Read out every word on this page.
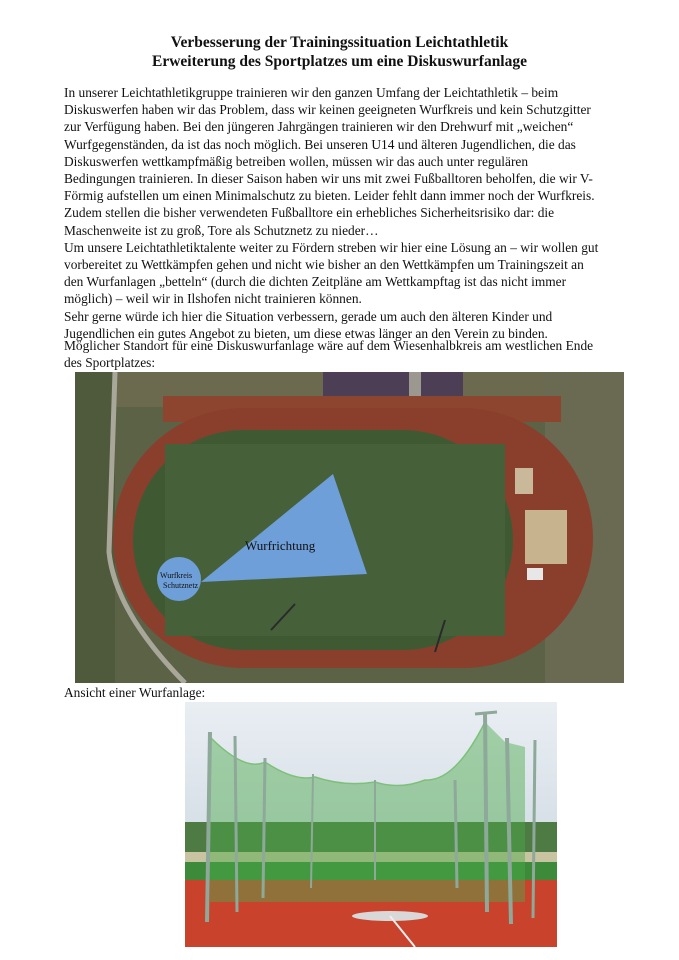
Verbesserung der Trainingssituation Leichtathletik
Erweiterung des Sportplatzes um eine Diskuswurfanlage
In unserer Leichtathletikgruppe trainieren wir den ganzen Umfang der Leichtathletik – beim
Diskuswerfen haben wir das Problem, dass wir keinen geeigneten Wurfkreis und kein Schutzgitter
zur Verfügung haben. Bei den jüngeren Jahrgängen trainieren wir den Drehwurf mit „weichen“
Wurfgegenständen, da ist das noch möglich. Bei unseren U14 und älteren Jugendlichen, die das
Diskuswerfen wettkampfmäßig betreiben wollen, müssen wir das auch unter regulären
Bedingungen trainieren. In dieser Saison haben wir uns mit zwei Fußballtoren beholfen, die wir V-
Förmig aufstellen um einen Minimalschutz zu bieten. Leider fehlt dann immer noch der Wurfkreis.
Zudem stellen die bisher verwendeten Fußballtore ein erhebliches Sicherheitsrisiko dar: die
Maschenweite ist zu groß, Tore als Schutznetz zu nieder…
Um unsere Leichtathletiktalente weiter zu Fördern streben wir hier eine Lösung an – wir wollen gut
vorbereitet zu Wettkämpfen gehen und nicht wie bisher an den Wettkämpfen um Trainingszeit an
den Wurfanlagen „betteln“ (durch die dichten Zeitpläne am Wettkampftag ist das nicht immer
möglich) – weil wir in Ilshofen nicht trainieren können.
Sehr gerne würde ich hier die Situation verbessern, gerade um auch den älteren Kinder und
Jugendlichen ein gutes Angebot zu bieten, um diese etwas länger an den Verein zu binden.
Möglicher Standort für eine Diskuswurfanlage wäre auf dem Wiesenhalbkreis am westlichen Ende
des Sportplatzes:
Wurfrichtung
Wurfkreis
Schutznetz
Ansicht einer Wurfanlage:
